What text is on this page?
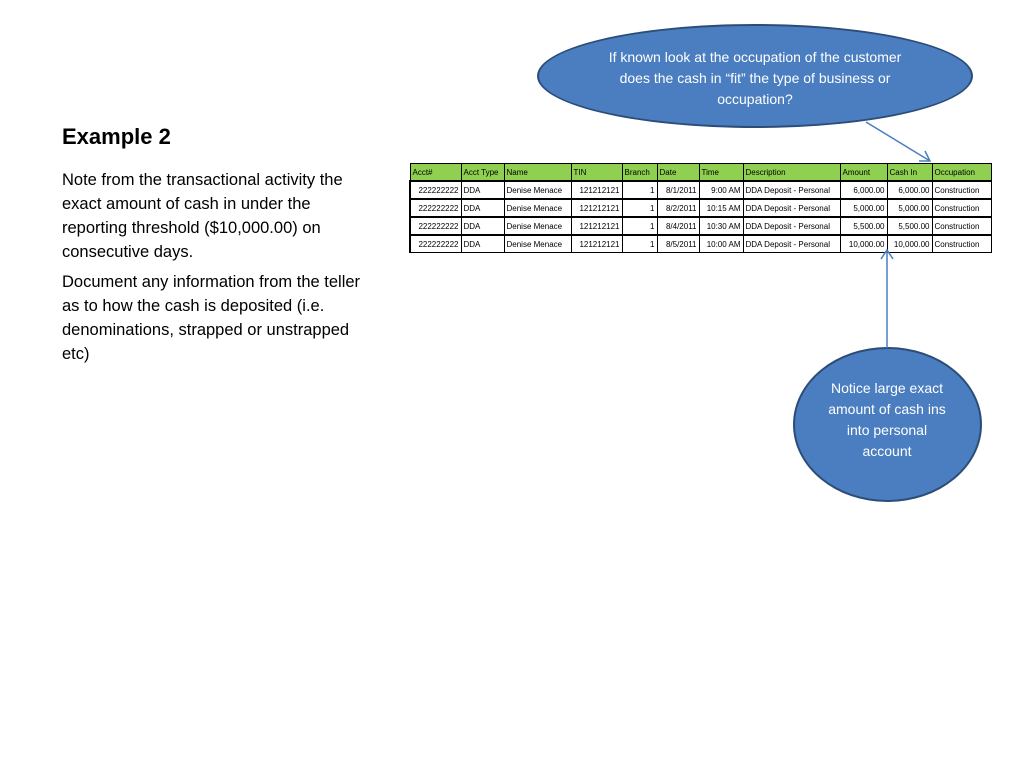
Example 2

Note from the transactional activity the exact amount of cash in under the reporting threshold ($10,000.00) on consecutive days.

Document any information from the teller as to how the cash is deposited (i.e. denominations, strapped or unstrapped etc)

Acct#	Acct Type	Name	TIN	Branch	Date	Time	Description	Amount	Cash In	Occupation
222222222	DDA	Denise Menace	121212121	1	8/1/2011	9:00 AM	DDA Deposit - Personal	6,000.00	6,000.00	Construction
222222222	DDA	Denise Menace	121212121	1	8/2/2011	10:15 AM	DDA Deposit - Personal	5,000.00	5,000.00	Construction
222222222	DDA	Denise Menace	121212121	1	8/4/2011	10:30 AM	DDA Deposit - Personal	5,500.00	5,500.00	Construction
222222222	DDA	Denise Menace	121212121	1	8/5/2011	10:00 AM	DDA Deposit - Personal	10,000.00	10,000.00	Construction
If known look at the occupation of the customer does the cash in “fit” the type of business or occupation?
Notice large exact amount of cash ins into personal account
